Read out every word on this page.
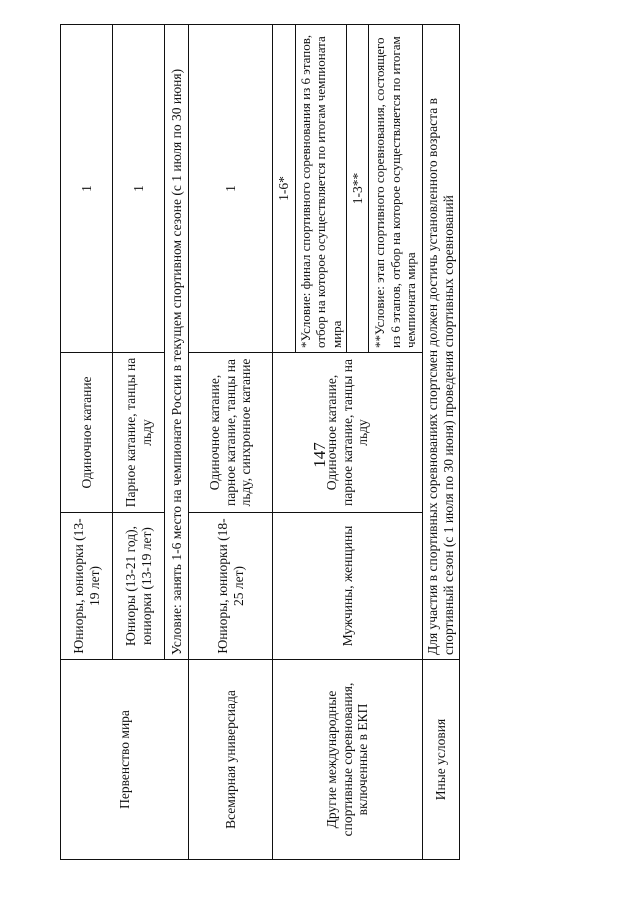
147
Первенство мира	Юниоры, юниорки (13-19 лет)	Одиночное катание	1
	Юниоры (13-21 год), юниорки (13-19 лет)	Парное катание, танцы на льду	1
	Условие: занять 1-6 место на чемпионате России в текущем спортивном сезоне (с 1 июля по 30 июня)		
Всемирная универсиада	Юниоры, юниорки (18-25 лет)	Одиночное катание, парное катание, танцы на льду, синхронное катание	1
Другие международные спортивные соревнования, включенные в ЕКП	Мужчины, женщины	Одиночное катание, парное катание, танцы на льду	1-6*
			*Условие: финал спортивного соревнования из 6 этапов, отбор на которое осуществляется по итогам чемпионата мира
			1-3**
			**Условие: этап спортивного соревнования, состоящего из 6 этапов, отбор на которое осуществляется по итогам чемпионата мира
Иные условия	Для участия в спортивных соревнованиях спортсмен должен достичь установленного возраста в спортивный сезон (с 1 июля по 30 июня) проведения спортивных соревнований		
